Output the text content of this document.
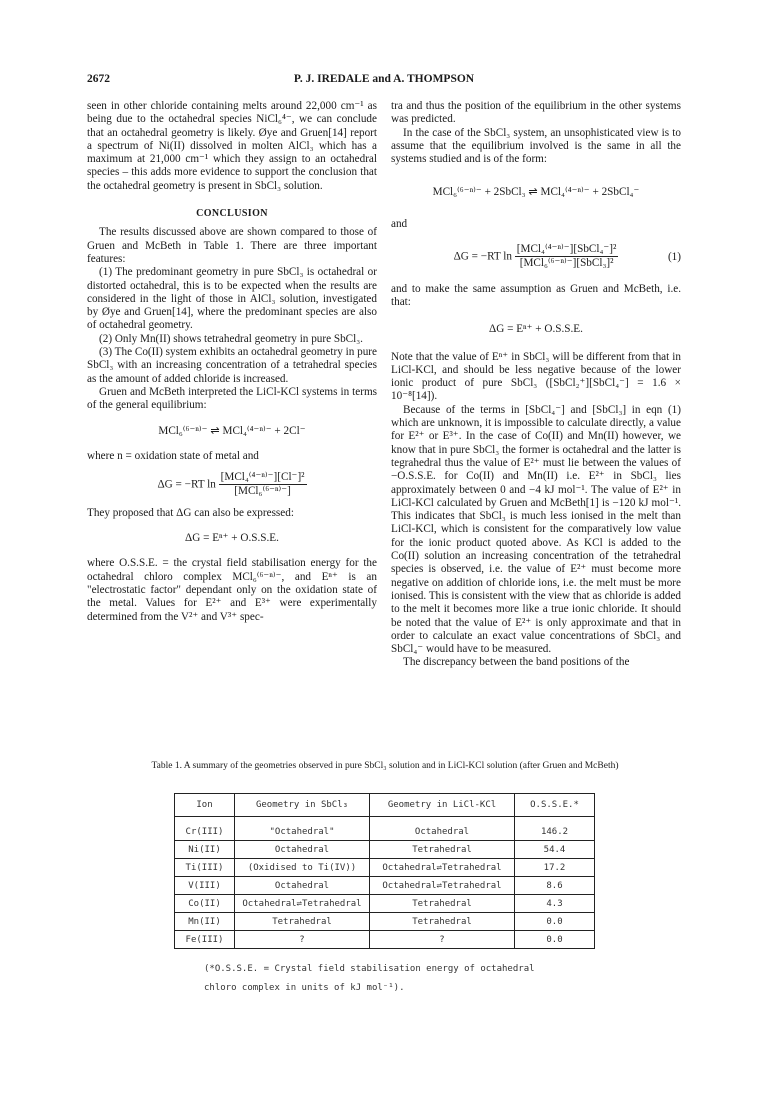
2672	P. J. IREDALE and A. THOMPSON

seen in other chloride containing melts around 22,000 cm⁻¹ as being due to the octahedral species NiCl₆⁴⁻, we can conclude that an octahedral geometry is likely. Øye and Gruen[14] report a spectrum of Ni(II) dissolved in molten AlCl₃ which has a maximum at 21,000 cm⁻¹ which they assign to an octahedral species – this adds more evidence to support the conclusion that the octahedral geometry is present in SbCl₃ solution.

CONCLUSION

The results discussed above are shown compared to those of Gruen and McBeth in Table 1. There are three important features:

(1) The predominant geometry in pure SbCl₃ is octahedral or distorted octahedral, this is to be expected when the results are considered in the light of those in AlCl₃ solution, investigated by Øye and Gruen[14], where the predominant species are also of octahedral geometry.

(2) Only Mn(II) shows tetrahedral geometry in pure SbCl₃.

(3) The Co(II) system exhibits an octahedral geometry in pure SbCl₃ with an increasing concentration of a tetrahedral species as the amount of added chloride is increased.

Gruen and McBeth interpreted the LiCl-KCl systems in terms of the general equilibrium:

MCl₆⁽⁶⁻ⁿ⁾⁻ ⇌ MCl₄⁽⁴⁻ⁿ⁾⁻ + 2Cl⁻

where n = oxidation state of metal and

ΔG = −RT $\ln \frac{\text{[MCl₄⁽⁴⁻ⁿ⁾⁻][Cl⁻]²}}{\text{[MCl₆⁽⁶⁻ⁿ⁾⁻]}}$

They proposed that ΔG can also be expressed:

ΔG = Eⁿ⁺ + O.S.S.E.

where O.S.S.E. = the crystal field stabilisation energy for the octahedral chloro complex MCl₆⁽⁶⁻ⁿ⁾⁻, and Eⁿ⁺ is an "electrostatic factor" dependant only on the oxidation state of the metal. Values for E²⁺ and E³⁺ were experimentally determined from the V²⁺ and V³⁺ spec-

tra and thus the position of the equilibrium in the other systems was predicted.

In the case of the SbCl₃ system, an unsophisticated view is to assume that the equilibrium involved is the same in all the systems studied and is of the form:

MCl₆⁽⁶⁻ⁿ⁾⁻ + 2SbCl₃ ⇌ MCl₄⁽⁴⁻ⁿ⁾⁻ + 2SbCl₄⁻

and

ΔG = −RT $\ln \frac{\text{[MCl₄⁽⁴⁻ⁿ⁾⁻][SbCl₄⁻]²}}{\text{[MCl₆⁽⁶⁻ⁿ⁾⁻][SbCl₃]²}}$	(1)

and to make the same assumption as Gruen and McBeth, i.e. that:

ΔG = Eⁿ⁺ + O.S.S.E.

Note that the value of Eⁿ⁺ in SbCl₃ will be different from that in LiCl-KCl, and should be less negative because of the lower ionic product of pure SbCl₃ ([SbCl₂⁺][SbCl₄⁻] = 1.6 × 10⁻⁸[14]).

Because of the terms in [SbCl₄⁻] and [SbCl₃] in eqn (1) which are unknown, it is impossible to calculate directly, a value for E²⁺ or E³⁺. In the case of Co(II) and Mn(II) however, we know that in pure SbCl₃ the former is octahedral and the latter is tegrahedral thus the value of E²⁺ must lie between the values of −O.S.S.E. for Co(II) and Mn(II) i.e. E²⁺ in SbCl₃ lies approximately between 0 and −4 kJ mol⁻¹. The value of E²⁺ in LiCl-KCl calculated by Gruen and McBeth[1] is −120 kJ mol⁻¹. This indicates that SbCl₃ is much less ionised in the melt than LiCl-KCl, which is consistent for the comparatively low value for the ionic product quoted above. As KCl is added to the Co(II) solution an increasing concentration of the tetrahedral species is observed, i.e. the value of E²⁺ must become more negative on addition of chloride ions, i.e. the melt must be more ionised. This is consistent with the view that as chloride is added to the melt it becomes more like a true ionic chloride. It should be noted that the value of E²⁺ is only approximate and that in order to calculate an exact value concentrations of SbCl₃ and SbCl₄⁻ would have to be measured.

The discrepancy between the band positions of the

Table 1. A summary of the geometries observed in pure SbCl₃ solution and in LiCl-KCl solution (after Gruen and McBeth)
Ion	Geometry in SbCl₃	Geometry in LiCl-KCl	O.S.S.E.*
Cr(III)	"Octahedral"	Octahedral	146.2
Ni(II)	Octahedral	Tetrahedral	54.4
Ti(III)	(Oxidised to Ti(IV))	Octahedral⇌Tetrahedral	17.2
V(III)	Octahedral	Octahedral⇌Tetrahedral	8.6
Co(II)	Octahedral⇌Tetrahedral	Tetrahedral	4.3
Mn(II)	Tetrahedral	Tetrahedral	0.0
Fe(III)	?	?	0.0
(*O.S.S.E. = Crystal field stabilisation energy of octahedral
chloro complex in units of kJ mol⁻¹).
